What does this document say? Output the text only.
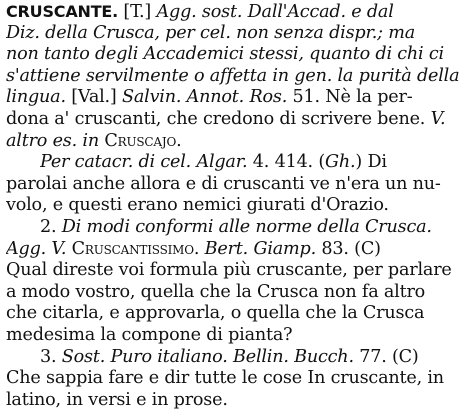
CRUSCANTE. [T.] Agg. sost. Dall'Accad. e dal
Diz. della Crusca, per cel. non senza dispr.; ma
non tanto degli Accademici stessi, quanto di chi ci
s'attiene servilmente o affetta in gen. la purità della
lingua. [Val.] Salvin. Annot. Ros. 51. Nè la per-
dona a' cruscanti, che credono di scrivere bene. V.
altro es. in Cruscajo.
Per catacr. di cel. Algar. 4. 414. (Gh.) Di
parolai anche allora e di cruscanti ve n'era un nu-
volo, e questi erano nemici giurati d'Orazio.
2. Di modi conformi alle norme della Crusca.
Agg. V. Cruscantissimo. Bert. Giamp. 83. (C)
Qual direste voi formula più cruscante, per parlare
a modo vostro, quella che la Crusca non fa altro
che citarla, e approvarla, o quella che la Crusca
medesima la compone di pianta?
3. Sost. Puro italiano. Bellin. Bucch. 77. (C)
Che sappia fare e dir tutte le cose In cruscante, in
latino, in versi e in prose.
